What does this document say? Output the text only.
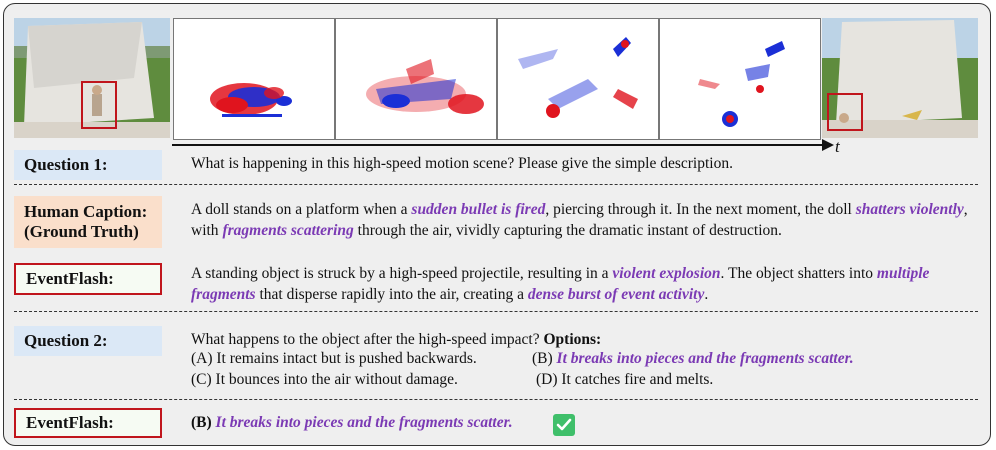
t
Question 1:	What is happening in this high-speed motion scene? Please give the simple description.
Human Caption:
(Ground Truth)
A doll stands on a platform when a sudden bullet is fired, piercing through it. In the next moment, the doll shatters violently, with fragments scattering through the air, vividly capturing the dramatic instant of destruction.
EventFlash:	A standing object is struck by a high-speed projectile, resulting in a violent explosion. The object shatters into multiple fragments that disperse rapidly into the air, creating a dense burst of event activity.
Question 2:	What happens to the object after the high-speed impact? Options:
(A) It remains intact but is pushed backwards.	(B) It breaks into pieces and the fragments scatter.
(C) It bounces into the air without damage.	(D) It catches fire and melts.
EventFlash:	(B) It breaks into pieces and the fragments scatter.
